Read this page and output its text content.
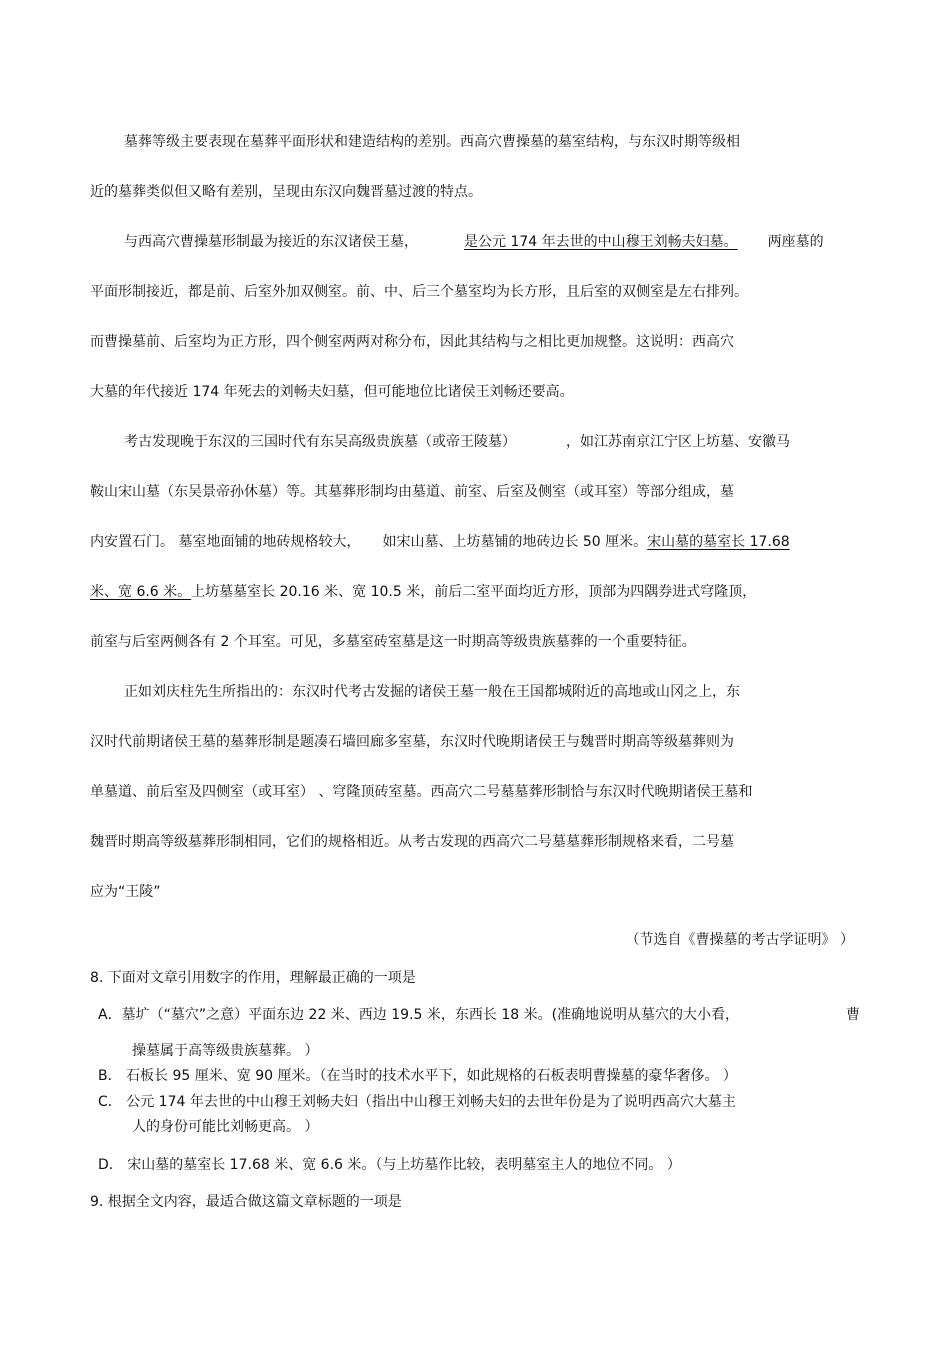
墓葬等级主要表现在墓葬平面形状和建造结构的差别。西高穴曹操墓的墓室结构，与东汉时期等级相
近的墓葬类似但又略有差别，呈现由东汉向魏晋墓过渡的特点。
与西高穴曹操墓形制最为接近的东汉诸侯王墓，	是公元 174 年去世的中山穆王刘畅夫妇墓。 两座墓的
平面形制接近，都是前、后室外加双侧室。前、中、后三个墓室均为长方形，且后室的双侧室是左右排列。
而曹操墓前、后室均为正方形，四个侧室两两对称分布，因此其结构与之相比更加规整。这说明：西高穴
大墓的年代接近 174 年死去的刘畅夫妇墓，但可能地位比诸侯王刘畅还要高。
考古发现晚于东汉的三国时代有东吴高级贵族墓（或帝王陵墓）	，如江苏南京江宁区上坊墓、安徽马
鞍山宋山墓（东吴景帝孙休墓）等。其墓葬形制均由墓道、前室、后室及侧室（或耳室）等部分组成，墓
内安置石门。 墓室地面铺的地砖规格较大， 如宋山墓、上坊墓铺的地砖边长 50 厘米。宋山墓的墓室长 17.68
米、宽 6.6 米。上坊墓墓室长 20.16 米、宽 10.5 米，前后二室平面均近方形，顶部为四隅券进式穹隆顶，
前室与后室两侧各有 2 个耳室。可见，多墓室砖室墓是这一时期高等级贵族墓葬的一个重要特征。
正如刘庆柱先生所指出的：东汉时代考古发掘的诸侯王墓一般在王国都城附近的高地或山冈之上，东
汉时代前期诸侯王墓的墓葬形制是题凑石墙回廊多室墓，东汉时代晚期诸侯王与魏晋时期高等级墓葬则为
单墓道、前后室及四侧室（或耳室） 、穹隆顶砖室墓。西高穴二号墓墓葬形制恰与东汉时代晚期诸侯王墓和
魏晋时期高等级墓葬形制相同，它们的规格相近。从考古发现的西高穴二号墓墓葬形制规格来看，二号墓
应为“王陵”
（节选自《曹操墓的考古学证明》 ）
8. 下面对文章引用数字的作用，理解最正确的一项是
A．墓圹（“墓穴”之意）平面东边 22 米、西边 19.5 米，东西长 18 米。(准确地说明从墓穴的大小看，	曹
操墓属于高等级贵族墓葬。 ）
B． 石板长 95 厘米、宽 90 厘米。（在当时的技术水平下，如此规格的石板表明曹操墓的豪华奢侈。 ）
C． 公元 174 年去世的中山穆王刘畅夫妇（指出中山穆王刘畅夫妇的去世年份是为了说明西高穴大墓主
人的身份可能比刘畅更高。 ）
D． 宋山墓的墓室长 17.68 米、宽 6.6 米。（与上坊墓作比较，表明墓室主人的地位不同。 ）
9. 根据全文内容，最适合做这篇文章标题的一项是
